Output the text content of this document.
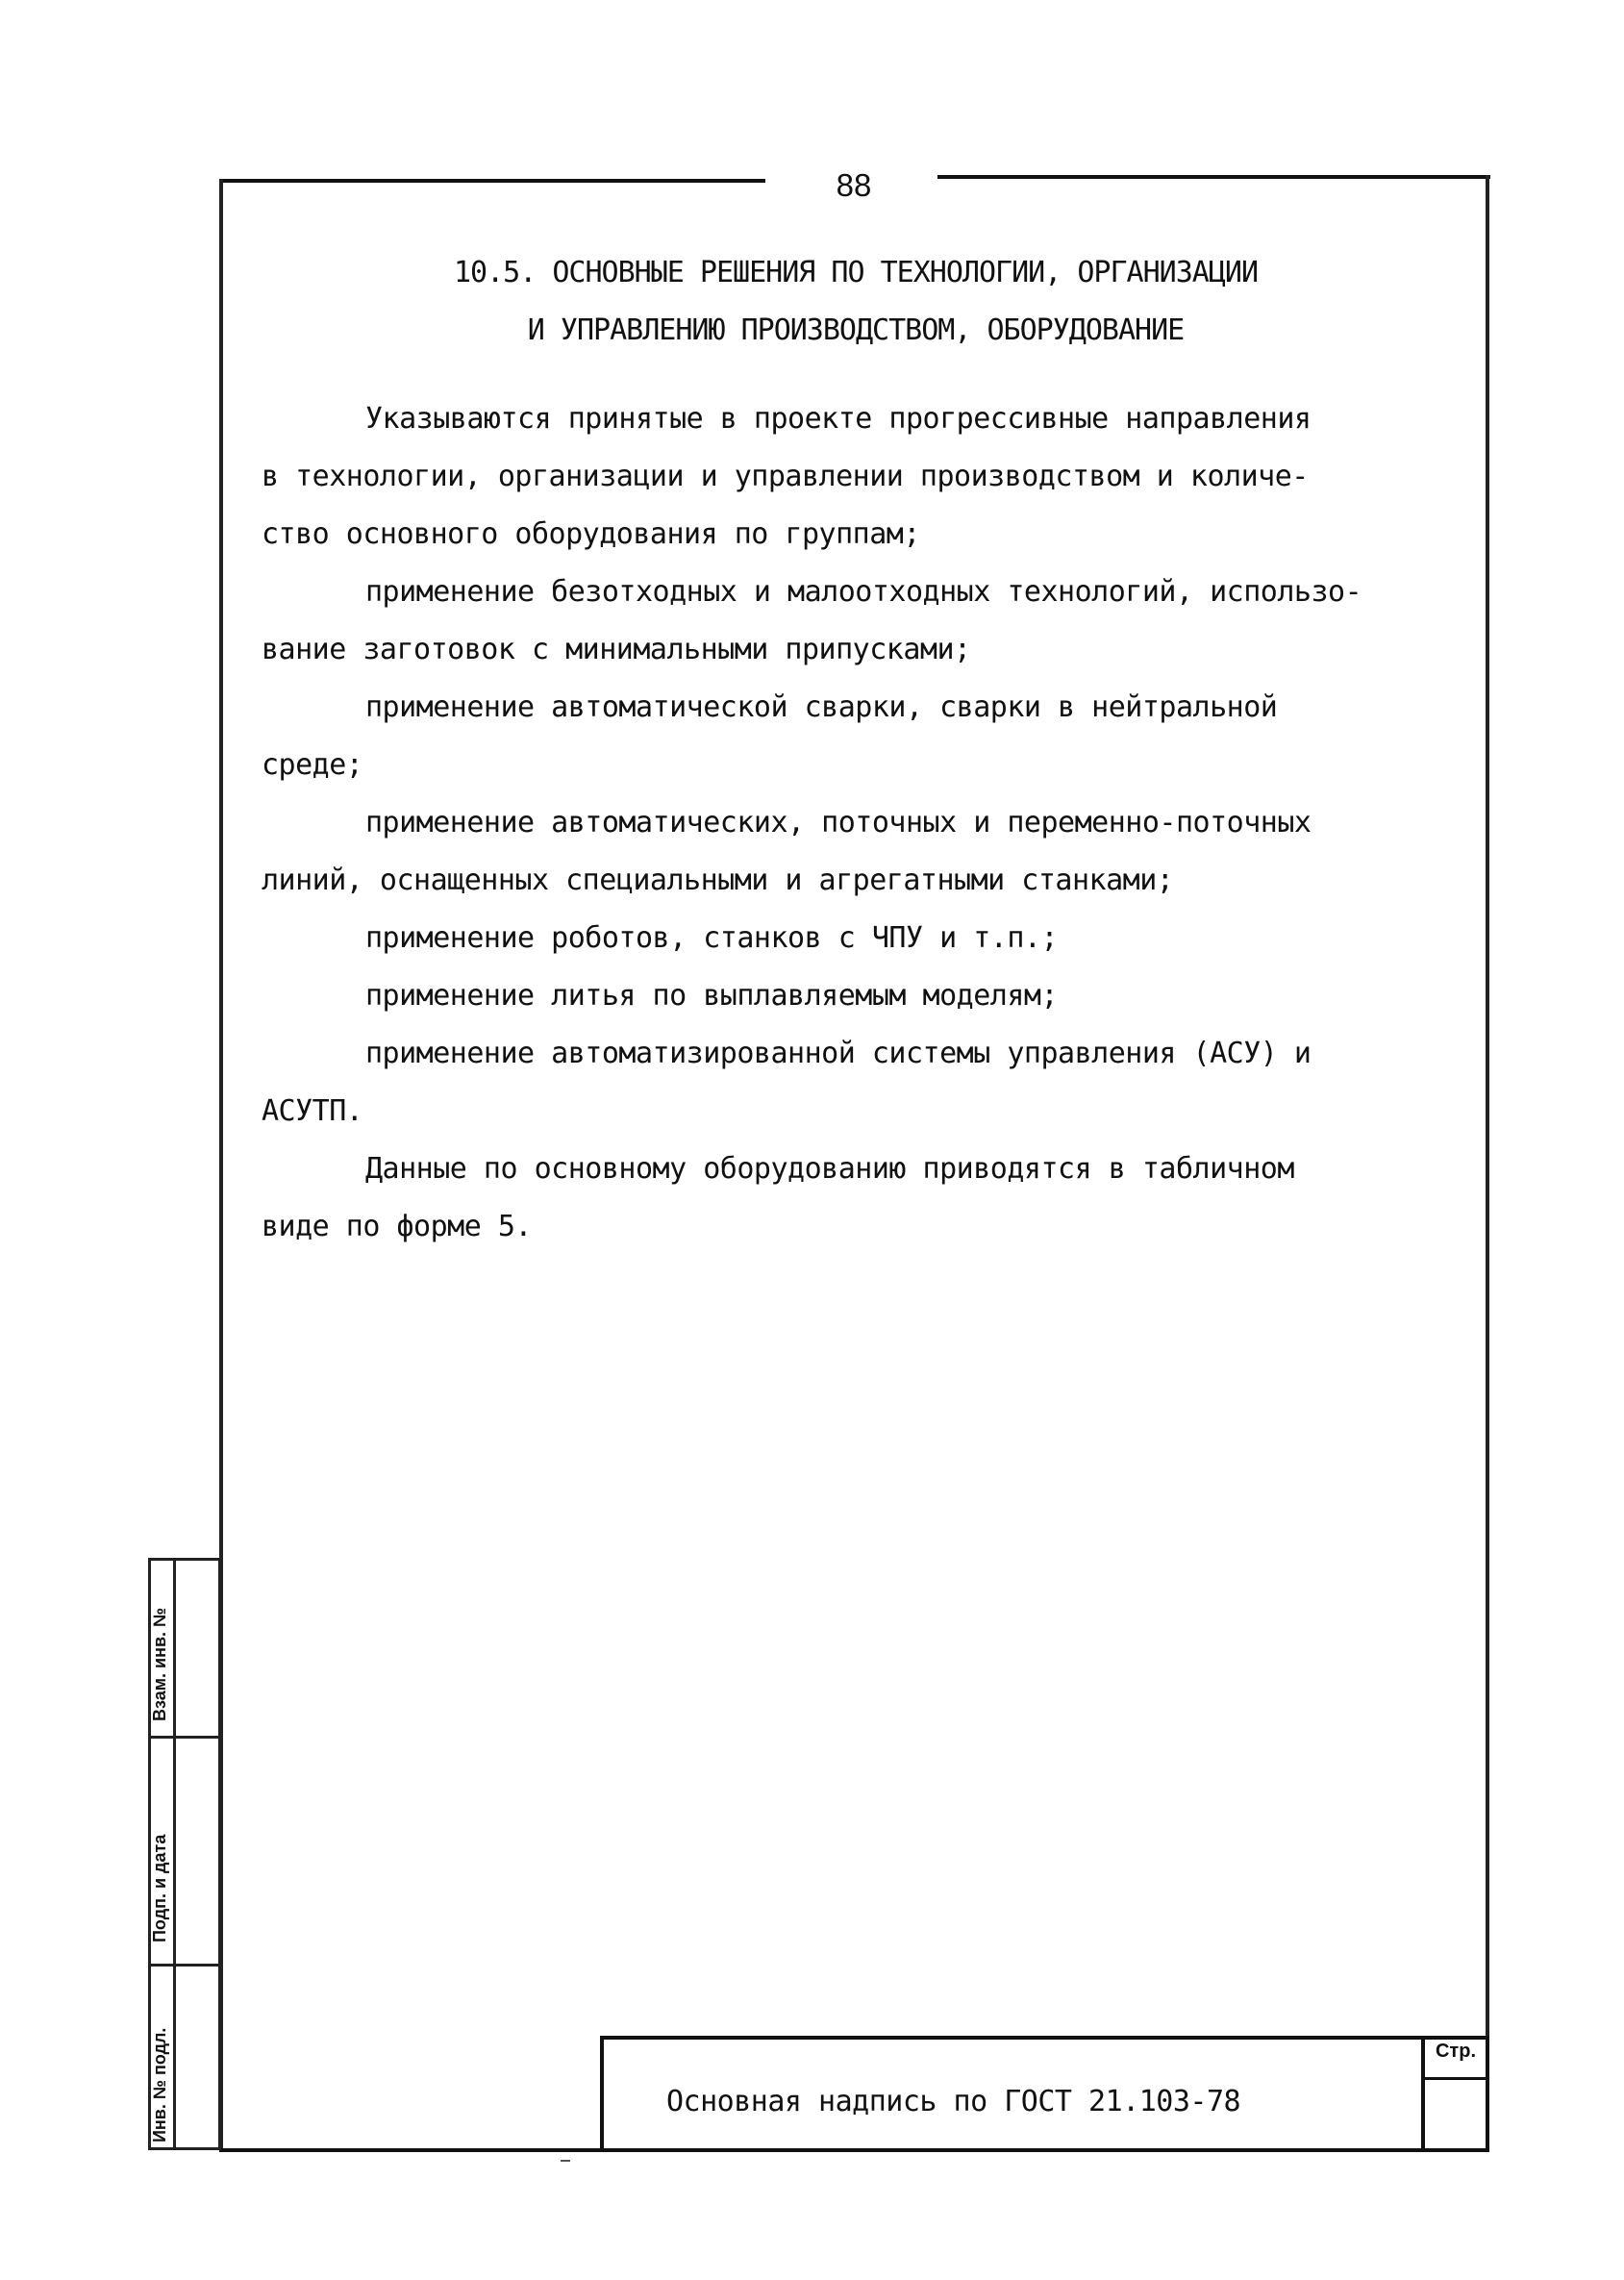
88
10.5. ОСНОВНЫЕ РЕШЕНИЯ ПО ТЕХНОЛОГИИ, ОРГАНИЗАЦИИ
И УПРАВЛЕНИЮ ПРОИЗВОДСТВОМ, ОБОРУДОВАНИЕ
Указываются принятые в проекте прогрессивные направления
в технологии, организации и управлении производством и количе-
ство основного оборудования по группам;
применение безотходных и малоотходных технологий, использо-
вание заготовок с минимальными припусками;
применение автоматической сварки, сварки в нейтральной
среде;
применение автоматических, поточных и переменно-поточных
линий, оснащенных специальными и агрегатными станками;
применение роботов, станков с ЧПУ и т.п.;
применение литья по выплавляемым моделям;
применение автоматизированной системы управления (АСУ) и
АСУТП.
Данные по основному оборудованию приводятся в табличном
виде по форме 5.
Взам. инв. №
Подп. и дата
Инв. № подл.	Основная надпись по ГОСТ 21.103-78
Стр.
